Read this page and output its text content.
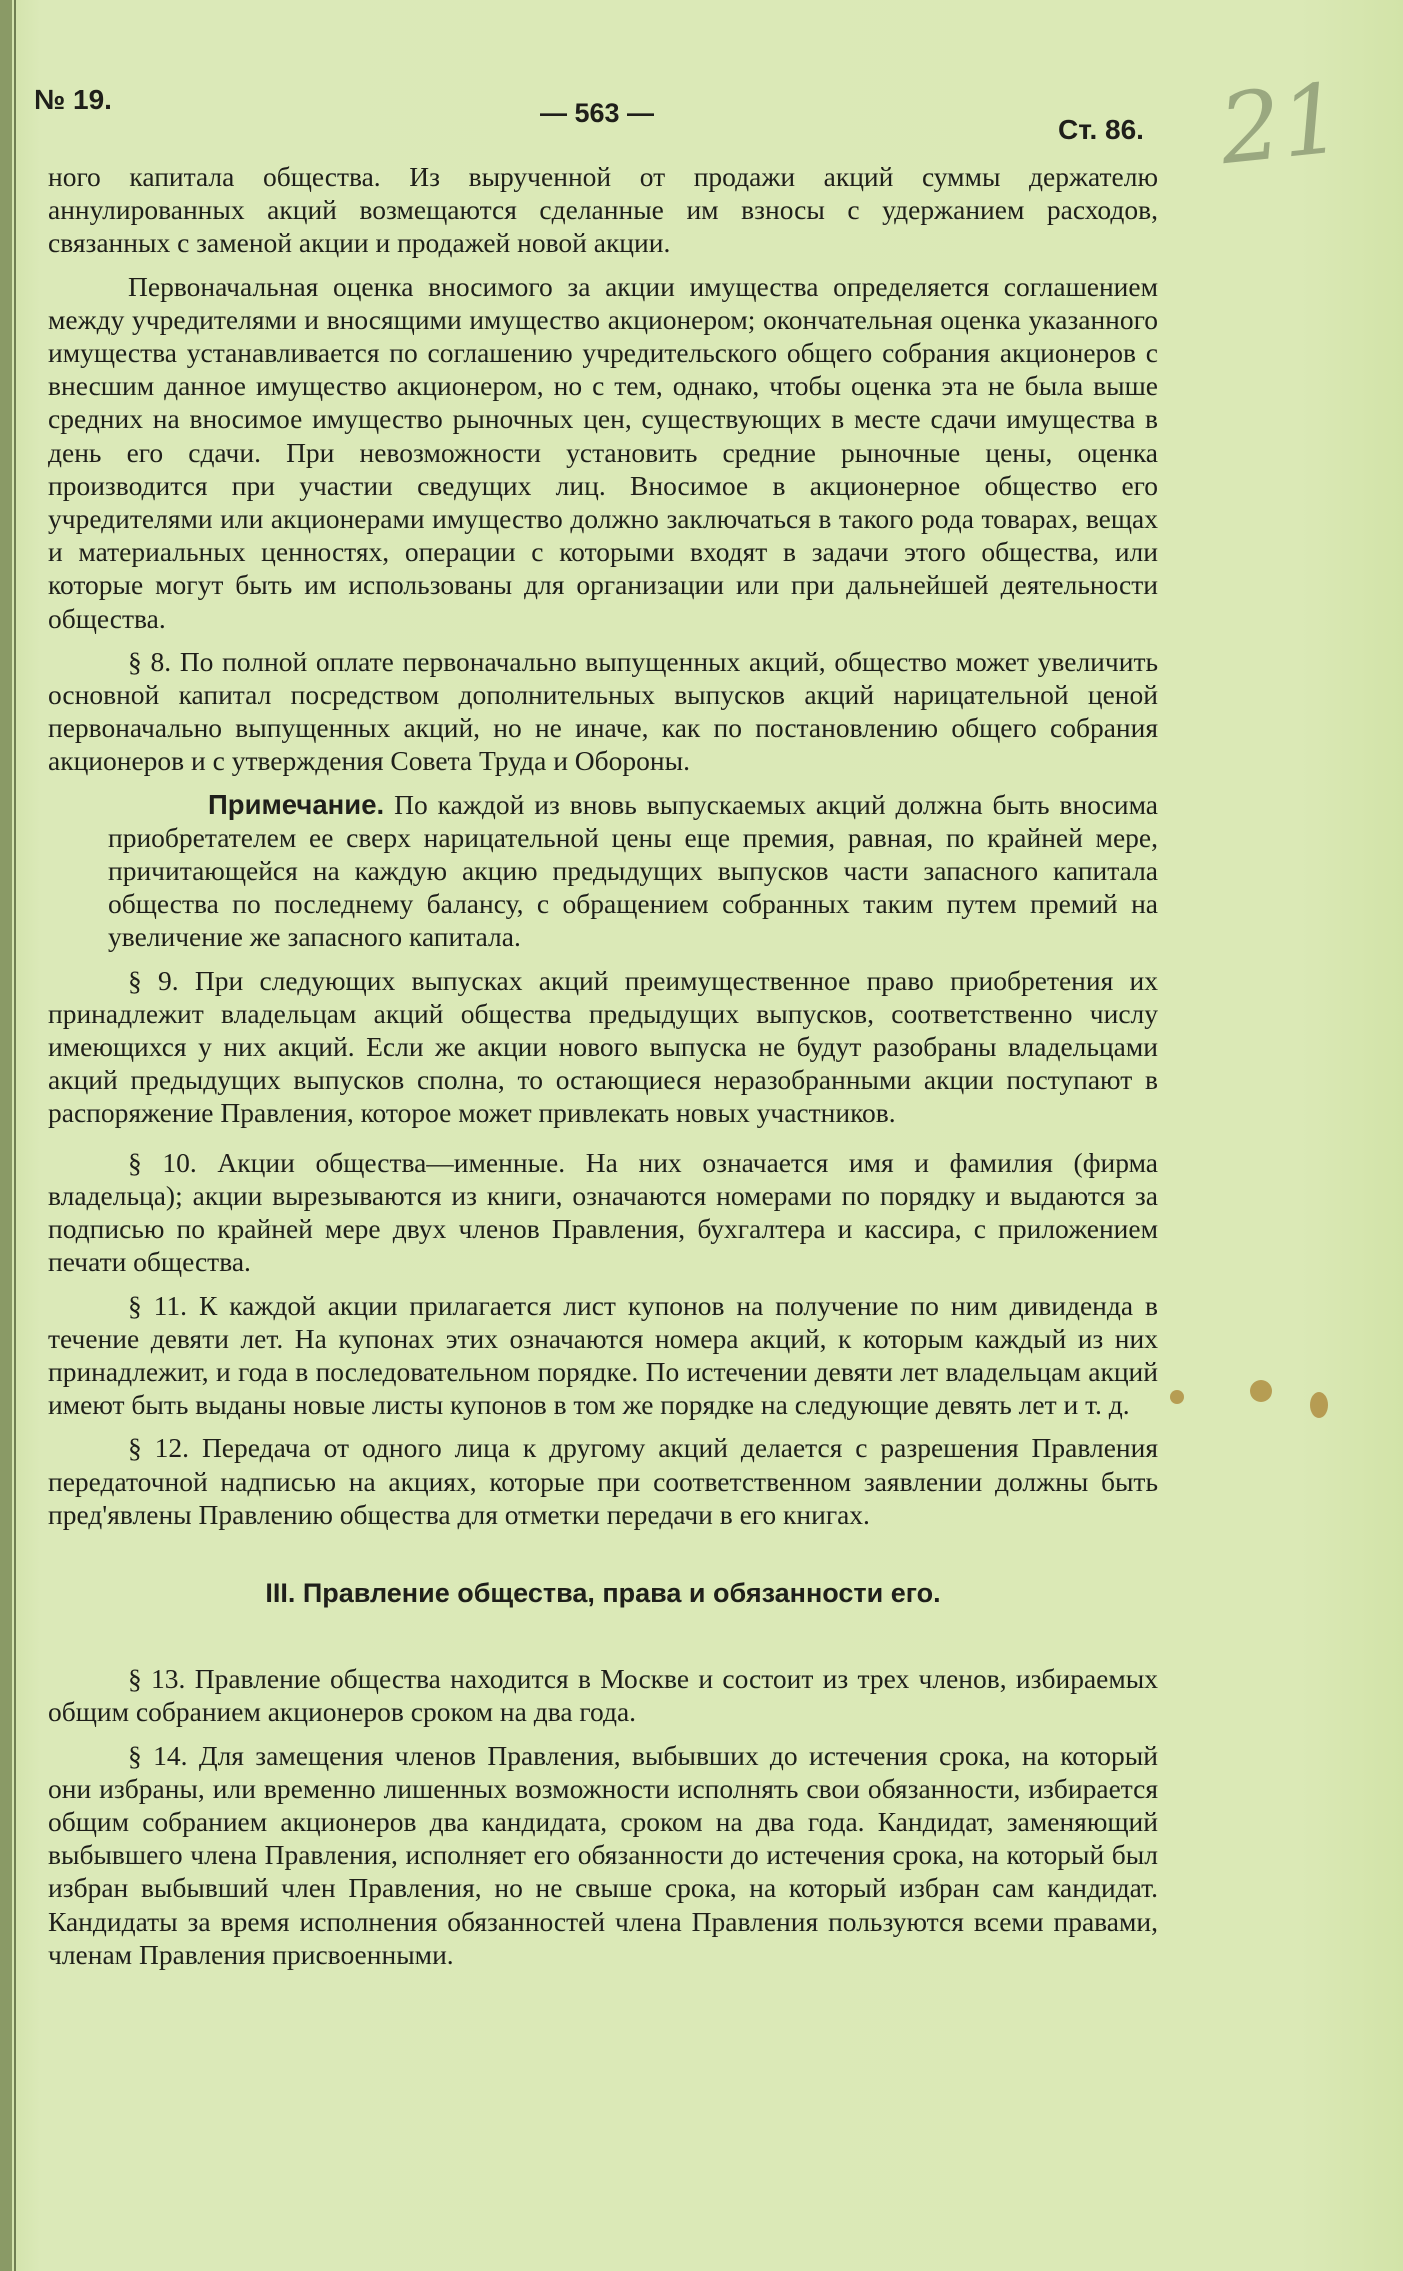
№ 19.	— 563 —
Ст. 86. 21

ного капитала общества. Из вырученной от продажи акций суммы держателю аннулированных акций возмещаются сделанные им взносы с удержанием расходов, связанных с заменой акции и продажей новой акции.

Первоначальная оценка вносимого за акции имущества определяется соглашением между учредителями и вносящими имущество акционером; окончательная оценка указанного имущества устанавливается по соглашению учредительского общего собрания акционеров с внесшим данное имущество акционером, но с тем, однако, чтобы оценка эта не была выше средних на вносимое имущество рыночных цен, существующих в месте сдачи имущества в день его сдачи. При невозможности установить средние рыночные цены, оценка производится при участии сведущих лиц. Вносимое в акционерное общество его учредителями или акционерами имущество должно заключаться в такого рода товарах, вещах и материальных ценностях, операции с которыми входят в задачи этого общества, или которые могут быть им использованы для организации или при дальнейшей деятельности общества.

§ 8. По полной оплате первоначально выпущенных акций, общество может увеличить основной капитал посредством дополнительных выпусков акций нарицательной ценой первоначально выпущенных акций, но не иначе, как по постановлению общего собрания акционеров и с утверждения Совета Труда и Обороны.

Примечание. По каждой из вновь выпускаемых акций должна быть вносима приобретателем ее сверх нарицательной цены еще премия, равная, по крайней мере, причитающейся на каждую акцию предыдущих выпусков части запасного капитала общества по последнему балансу, с обращением собранных таким путем премий на увеличение же запасного капитала.

§ 9. При следующих выпусках акций преимущественное право приобретения их принадлежит владельцам акций общества предыдущих выпусков, соответственно числу имеющихся у них акций. Если же акции нового выпуска не будут разобраны владельцами акций предыдущих выпусков сполна, то остающиеся неразобранными акции поступают в распоряжение Правления, которое может привлекать новых участников.

§ 10. Акции общества—именные. На них означается имя и фамилия (фирма владельца); акции вырезываются из книги, означаются номерами по порядку и выдаются за подписью по крайней мере двух членов Правления, бухгалтера и кассира, с приложением печати общества.

§ 11. К каждой акции прилагается лист купонов на получение по ним дивиденда в течение девяти лет. На купонах этих означаются номера акций, к которым каждый из них принадлежит, и года в последовательном порядке. По истечении девяти лет владельцам акций имеют быть выданы новые листы купонов в том же порядке на следующие девять лет и т. д.

§ 12. Передача от одного лица к другому акций делается с разрешения Правления передаточной надписью на акциях, которые при соответственном заявлении должны быть пред'явлены Правлению общества для отметки передачи в его книгах.

III. Правление общества, права и обязанности его.

§ 13. Правление общества находится в Москве и состоит из трех членов, избираемых общим собранием акционеров сроком на два года.

§ 14. Для замещения членов Правления, выбывших до истечения срока, на который они избраны, или временно лишенных возможности исполнять свои обязанности, избирается общим собранием акционеров два кандидата, сроком на два года. Кандидат, заменяющий выбывшего члена Правления, исполняет его обязанности до истечения срока, на который был избран выбывший член Правления, но не свыше срока, на который избран сам кандидат. Кандидаты за время исполнения обязанностей члена Правления пользуются всеми правами, членам Правления присвоенными.
